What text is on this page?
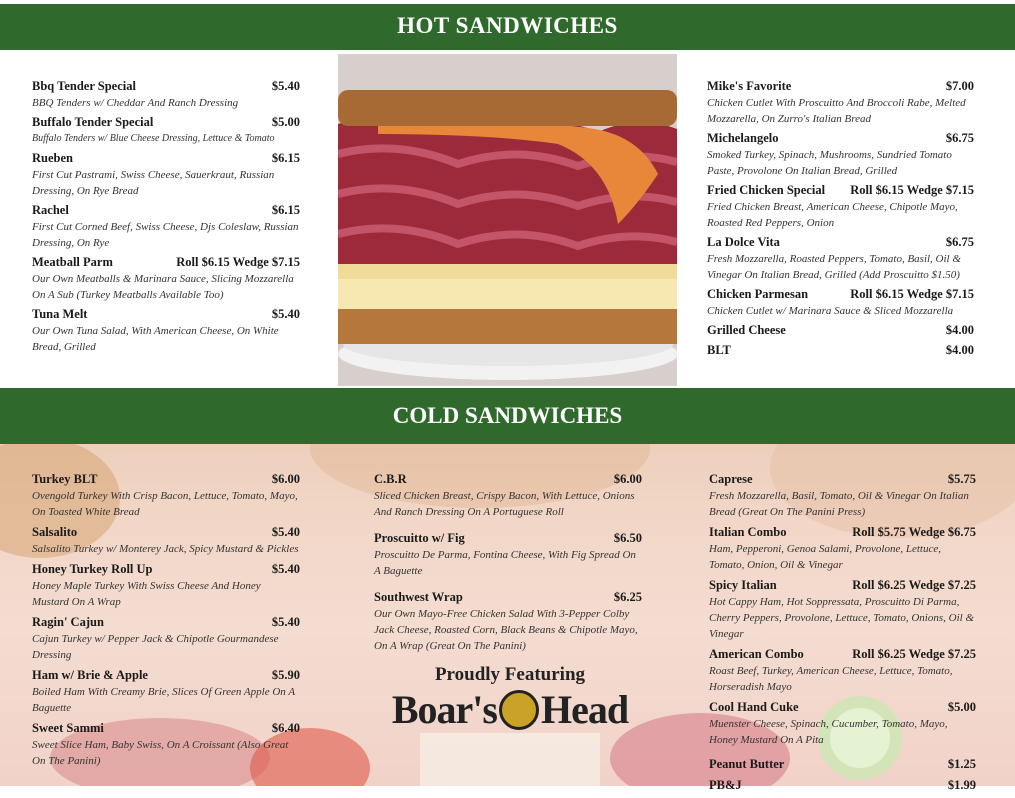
HOT SANDWICHES
Bbq Tender Special	$5.40
BBQ Tenders w/ Cheddar And Ranch Dressing
Buffalo Tender Special	$5.00
Buffalo Tenders w/ Blue Cheese Dressing, Lettuce & Tomato
Rueben	$6.15
First Cut Pastrami, Swiss Cheese, Sauerkraut, Russian Dressing, On Rye Bread
Rachel	$6.15
First Cut Corned Beef, Swiss Cheese, Djs Coleslaw, Russian Dressing, On Rye
Meatball Parm	Roll $6.15 Wedge $7.15
Our Own Meatballs & Marinara Sauce, Slicing Mozzarella On A Sub (Turkey Meatballs Available Too)
Tuna Melt	$5.40
Our Own Tuna Salad, With American Cheese, On White Bread, Grilled
Mike's Favorite	$7.00
Chicken Cutlet With Proscuitto And Broccoli Rabe, Melted Mozzarella, On Zurro's Italian Bread
Michelangelo	$6.75
Smoked Turkey, Spinach, Mushrooms, Sundried Tomato Paste, Provolone On Italian Bread, Grilled
Fried Chicken Special Roll $6.15 Wedge $7.15
Fried Chicken Breast, American Cheese, Chipotle Mayo, Roasted Red Peppers, Onion
La Dolce Vita	$6.75
Fresh Mozzarella, Roasted Peppers, Tomato, Basil, Oil & Vinegar On Italian Bread, Grilled (Add Proscuitto $1.50)
Chicken Parmesan	Roll $6.15 Wedge $7.15
Chicken Cutlet w/ Marinara Sauce & Sliced Mozzarella
Grilled Cheese	$4.00
BLT	$4.00
COLD SANDWICHES
Turkey BLT	$6.00
Ovengold Turkey With Crisp Bacon, Lettuce, Tomato, Mayo, On Toasted White Bread
Salsalito	$5.40
Salsalito Turkey w/ Monterey Jack, Spicy Mustard & Pickles
Honey Turkey Roll Up	$5.40
Honey Maple Turkey With Swiss Cheese And Honey Mustard On A Wrap
Ragin' Cajun	$5.40
Cajun Turkey w/ Pepper Jack & Chipotle Gourmandese Dressing
Ham w/ Brie & Apple	$5.90
Boiled Ham With Creamy Brie, Slices Of Green Apple On A Baguette
Sweet Sammi	$6.40
Sweet Slice Ham, Baby Swiss, On A Croissant (Also Great On The Panini)
C.B.R	$6.00
Sliced Chicken Breast, Crispy Bacon, With Lettuce, Onions And Ranch Dressing On A Portuguese Roll
Proscuitto w/ Fig	$6.50
Proscuitto De Parma, Fontina Cheese, With Fig Spread On A Baguette
Southwest Wrap	$6.25
Our Own Mayo-Free Chicken Salad With 3-Pepper Colby Jack Cheese, Roasted Corn, Black Beans & Chipotle Mayo, On A Wrap (Great On The Panini)
Proudly Featuring
Boar's Head
Caprese	$5.75
Fresh Mozzarella, Basil, Tomato, Oil & Vinegar On Italian Bread (Great On The Panini Press)
Italian Combo	Roll $5.75 Wedge $6.75
Ham, Pepperoni, Genoa Salami, Provolone, Lettuce, Tomato, Onion, Oil & Vinegar
Spicy Italian	Roll $6.25 Wedge $7.25
Hot Cappy Ham, Hot Soppressata, Proscuitto Di Parma, Cherry Peppers, Provolone, Lettuce, Tomato, Onions, Oil & Vinegar
American Combo	Roll $6.25 Wedge $7.25
Roast Beef, Turkey, American Cheese, Lettuce, Tomato, Horseradish Mayo
Cool Hand Cuke	$5.00
Muenster Cheese, Spinach, Cucumber, Tomato, Mayo, Honey Mustard On A Pita
Peanut Butter	$1.25
PB&J	$1.99
